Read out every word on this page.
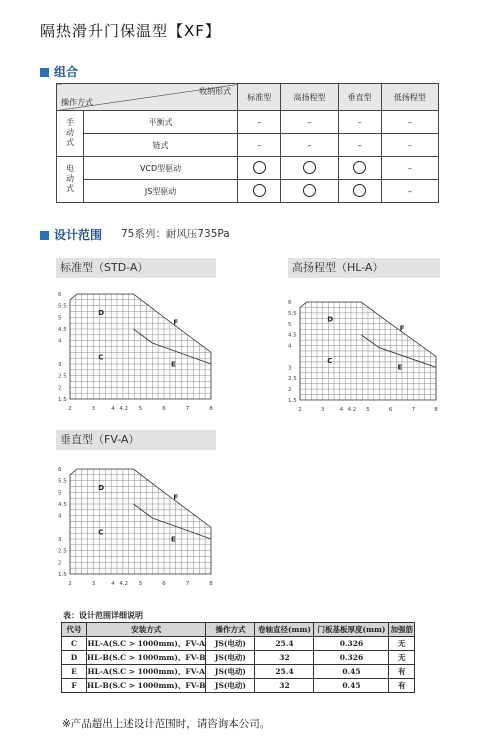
隔热滑升门保温型【XF】
组合
收纳形式
操作方式		标准型	高扬程型	垂直型	低扬程型
手动式	平衡式	–	–	–	–
	链式	–	–	–	–
电动式	VCD型驱动				–
	JS型驱动				–
设计范围 75系列：耐风压735Pa
标准型（STD-A）	高扬程型（HL-A）
垂直型（FV-A）
C
D
E
F
2	3	4 4.2 5	6	7	8
1.5
2
2.5
3
4
4.5
5
5.5
6
C
D
E
F
2	3	4 4.2 5	6	7	8
1.5
2
2.5
3
4
4.5
5
5.5
6
C
D
E
F
2	3	4 4.2 5	6	7	8
1.5
2
2.5
3
4
4.5
5
5.5
6
表：设计范围详细说明
代号	安装方式	操作方式	卷轴直径(mm)	门板基板厚度(mm)	加强筋
C	HL-A(S.C > 1000mm)、FV-A	JS(电动)	25.4	0.326	无
D	HL-B(S.C > 1000mm)、FV-B	JS(电动)	32	0.326	无
E	HL-A(S.C > 1000mm)、FV-A	JS(电动)	25.4	0.45	有
F	HL-B(S.C > 1000mm)、FV-B	JS(电动)	32	0.45	有
※产品超出上述设计范围时，请咨询本公司。
